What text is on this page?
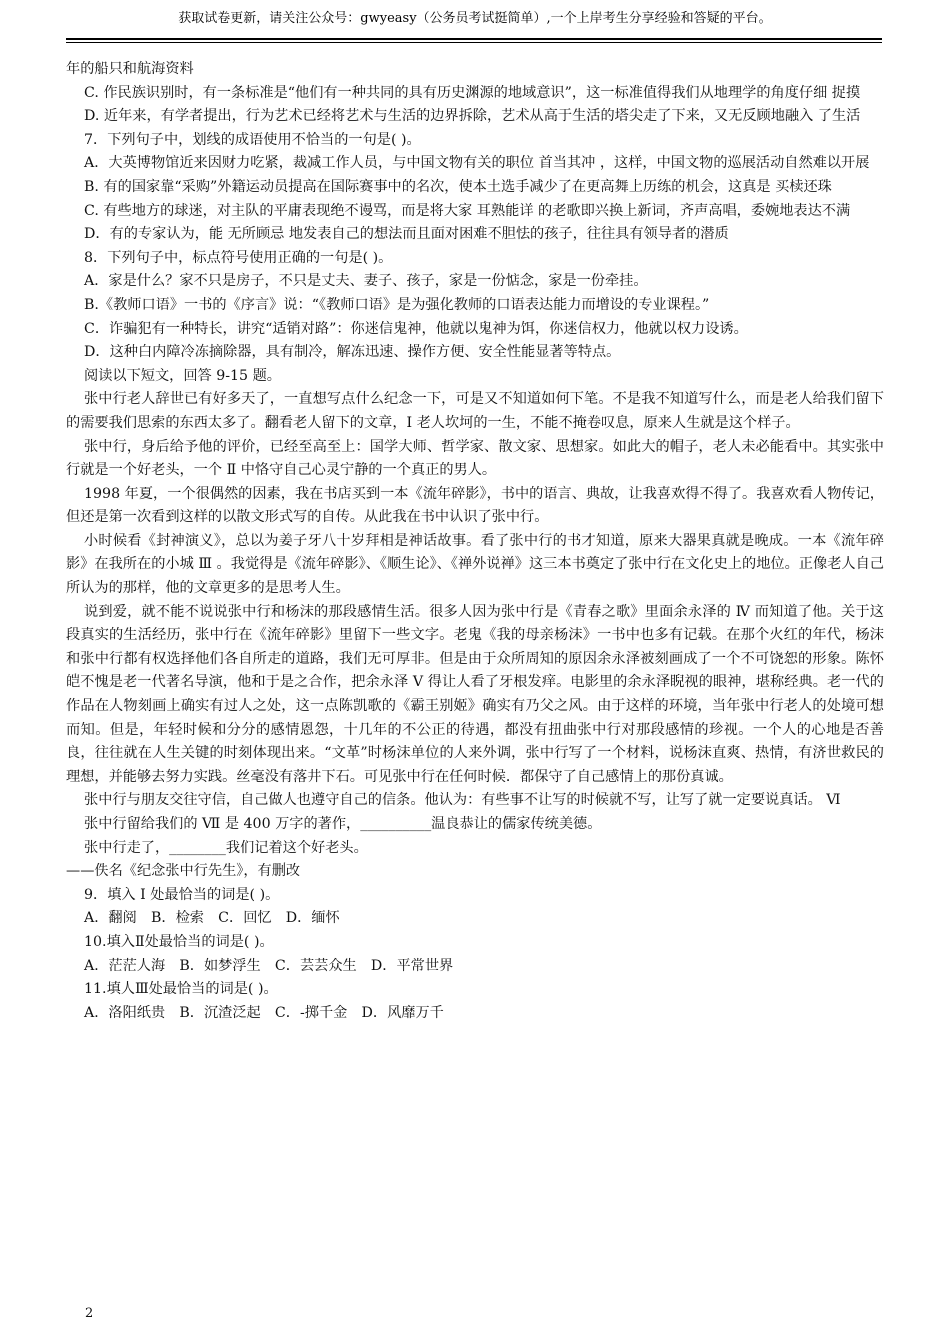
获取试卷更新，请关注公众号：gwyeasy（公务员考试挺简单）,一个上岸考生分享经验和答疑的平台。

年的船只和航海资料

C. 作民族识别时，有一条标准是“他们有一种共同的具有历史渊源的地域意识”，这一标准值得我们从地理学的角度仔细 捉摸

D. 近年来，有学者提出，行为艺术已经将艺术与生活的边界拆除，艺术从高于生活的塔尖走了下来，又无反顾地融入 了生活

7．下列句子中，划线的成语使用不恰当的一句是( )。

A．大英博物馆近来因财力吃紧，裁减工作人员，与中国文物有关的职位 首当其冲 ，这样，中国文物的巡展活动自然难以开展

B. 有的国家靠“采购”外籍运动员提高在国际赛事中的名次，使本土选手减少了在更高舞上历练的机会，这真是 买椟还珠

C. 有些地方的球迷，对主队的平庸表现绝不谩骂，而是将大家 耳熟能详 的老歌即兴换上新词，齐声高唱，委婉地表达不满

D．有的专家认为，能 无所顾忌 地发表自己的想法而且面对困难不胆怯的孩子，往往具有领导者的潜质

8．下列句子中，标点符号使用正确的一句是( )。

A．家是什么？家不只是房子，不只是丈夫、妻子、孩子，家是一份惦念，家是一份牵挂。

B.《教师口语》一书的《序言》说：“《教师口语》是为强化教师的口语表达能力而增设的专业课程。”

C．诈骗犯有一种特长，讲究“适销对路”：你迷信鬼神，他就以鬼神为饵，你迷信权力，他就以权力设诱。

D．这种白内障冷冻摘除器，具有制冷，解冻迅速、操作方便、安全性能显著等特点。

阅读以下短文，回答 9-15 题。

张中行老人辞世已有好多天了，一直想写点什么纪念一下，可是又不知道如何下笔。不是我不知道写什么，而是老人给我们留下的需要我们思索的东西太多了。翻看老人留下的文章，I 老人坎坷的一生，不能不掩卷叹息，原来人生就是这个样子。

张中行，身后给予他的评价，已经至高至上：国学大师、哲学家、散文家、思想家。如此大的帽子，老人未必能看中。其实张中行就是一个好老头，一个 Ⅱ 中恪守自己心灵宁静的一个真正的男人。

1998 年夏，一个很偶然的因素，我在书店买到一本《流年碎影》，书中的语言、典故，让我喜欢得不得了。我喜欢看人物传记，但还是第一次看到这样的以散文形式写的自传。从此我在书中认识了张中行。

小时候看《封神演义》，总以为姜子牙八十岁拜相是神话故事。看了张中行的书才知道，原来大器果真就是晚成。一本《流年碎影》在我所在的小城 Ⅲ 。我觉得是《流年碎影》、《顺生论》、《禅外说禅》这三本书奠定了张中行在文化史上的地位。正像老人自己所认为的那样，他的文章更多的是思考人生。

说到爱，就不能不说说张中行和杨沫的那段感情生活。很多人因为张中行是《青春之歌》里面余永泽的 Ⅳ 而知道了他。关于这段真实的生活经历，张中行在《流年碎影》里留下一些文字。老鬼《我的母亲杨沫》一书中也多有记载。在那个火红的年代，杨沫和张中行都有权选择他们各自所走的道路，我们无可厚非。但是由于众所周知的原因余永泽被刻画成了一个不可饶恕的形象。陈怀皑不愧是老一代著名导演，他和于是之合作，把余永泽 Ⅴ 得让人看了牙根发痒。电影里的余永泽睨视的眼神，堪称经典。老一代的作品在人物刻画上确实有过人之处，这一点陈凯歌的《霸王别姬》确实有乃父之风。由于这样的环境，当年张中行老人的处境可想而知。但是，年轻时候和分分的感情恩怨，十几年的不公正的待遇，都没有扭曲张中行对那段感情的珍视。一个人的心地是否善良，往往就在人生关键的时刻体现出来。“文革”时杨沫单位的人来外调，张中行写了一个材料，说杨沫直爽、热情，有济世救民的理想，并能够去努力实践。丝毫没有落井下石。可见张中行在任何时候．都保守了自己感情上的那份真诚。

张中行与朋友交往守信，自己做人也遵守自己的信条。他认为：有些事不让写的时候就不写，让写了就一定要说真话。 Ⅵ

张中行留给我们的 Ⅶ 是 400 万字的著作，__________温良恭让的儒家传统美德。

张中行走了，________我们记着这个好老头。

——佚名《纪念张中行先生》，有删改

9．填入 I 处最恰当的词是( )。

A．翻阅　B．检索　C．回忆　D．缅怀

10.填入Ⅱ处最恰当的词是( )。

A．茫茫人海　B．如梦浮生　C．芸芸众生　D．平常世界

11.填人Ⅲ处最恰当的词是( )。

A．洛阳纸贵　B．沉渣泛起　C．-掷千金　D．风靡万千

2
